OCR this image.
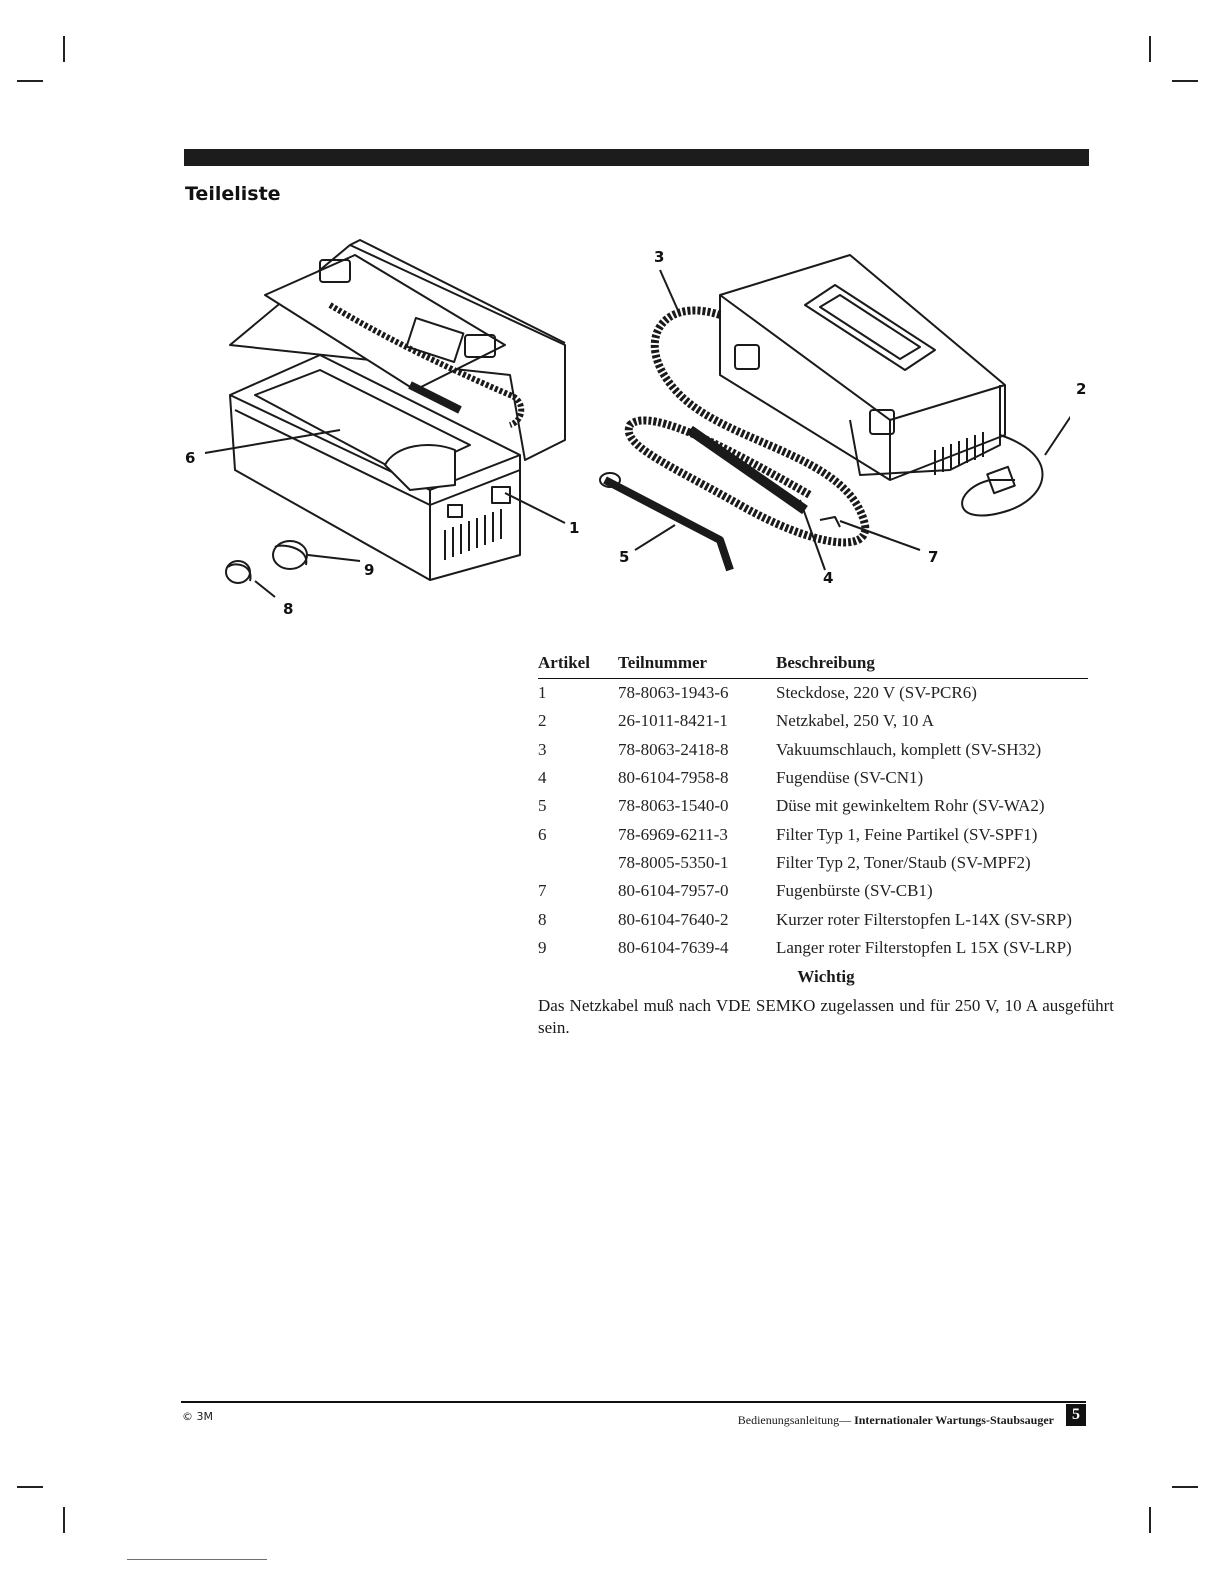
Teileliste
1
2
3
4
5
6
7
8
9
Artikel	Teilnummer	Beschreibung
1	78-8063-1943-6	Steckdose, 220 V (SV-PCR6)
2	26-1011-8421-1	Netzkabel, 250 V, 10 A
3	78-8063-2418-8	Vakuumschlauch, komplett (SV-SH32)
4	80-6104-7958-8	Fugendüse (SV-CN1)
5	78-8063-1540-0	Düse mit gewinkeltem Rohr (SV-WA2)
6	78-6969-6211-3	Filter Typ 1, Feine Partikel (SV-SPF1)
	78-8005-5350-1	Filter Typ 2, Toner/Staub (SV-MPF2)
7	80-6104-7957-0	Fugenbürste (SV-CB1)
8	80-6104-7640-2	Kurzer roter Filterstopfen L-14X (SV-SRP)
9	80-6104-7639-4	Langer roter Filterstopfen L 15X (SV-LRP)

Wichtig

Das Netzkabel muß nach VDE SEMKO zugelassen und für 250 V, 10 A ausgeführt sein.

© 3M	Bedienungsanleitung— Internationaler Wartungs-Staubsauger	5
